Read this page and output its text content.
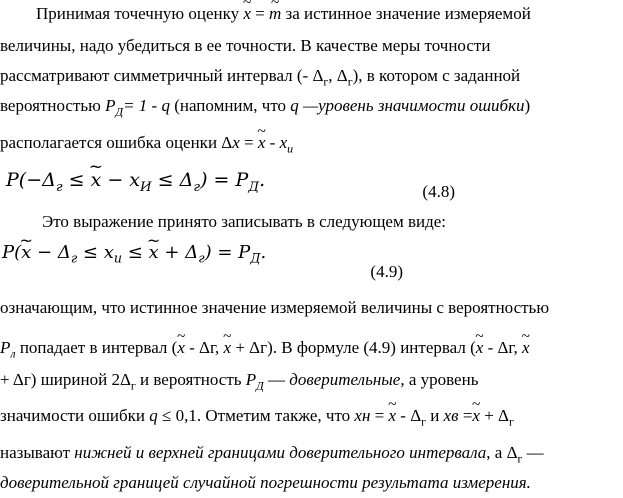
Принимая точечную оценку ~ x = ~ m за истинное значение измеряемой
величины, надо убедиться в ее точности. В качестве меры точности
рассматривают симметричный интервал (- $\Delta_г$, $\Delta_г$), в котором с заданной
вероятностью $Р_Д= 1 - q$ (напомним, что q —уровень значимости ошибки)
располагается ошибка оценки Δx = ~ x - $x_и$
$P(-\Delta_г$ ≤ ~ $x - x_И \le \Delta_г) = P_Д$.
(4.8)
Это выражение принято записывать в следующем виде:
P(~ $x - \Delta_г \le x_и$ ≤ ~ $x + \Delta_г) = P_Д$.
(4.9)
означающим, что истинное значение измеряемой величины с вероятностью
$Р_л$ попадает в интервал (~ x - Δг, ~ x + Δг). В формуле (4.9) интервал (~ x - Δг, ~ x
+ Δг) шириной $2\Delta_г$ и вероятность $Р_Д$ — доверительные, а уровень
значимости ошибки q ≤ 0,1. Отметим также, что xн = ~ x - $\Delta_г$ и xв =~ $x + \Delta_г$
называют нижней и верхней границами доверительного интервала, а $\Delta_г$ —
доверительной границей случайной погрешности результата измерения.
